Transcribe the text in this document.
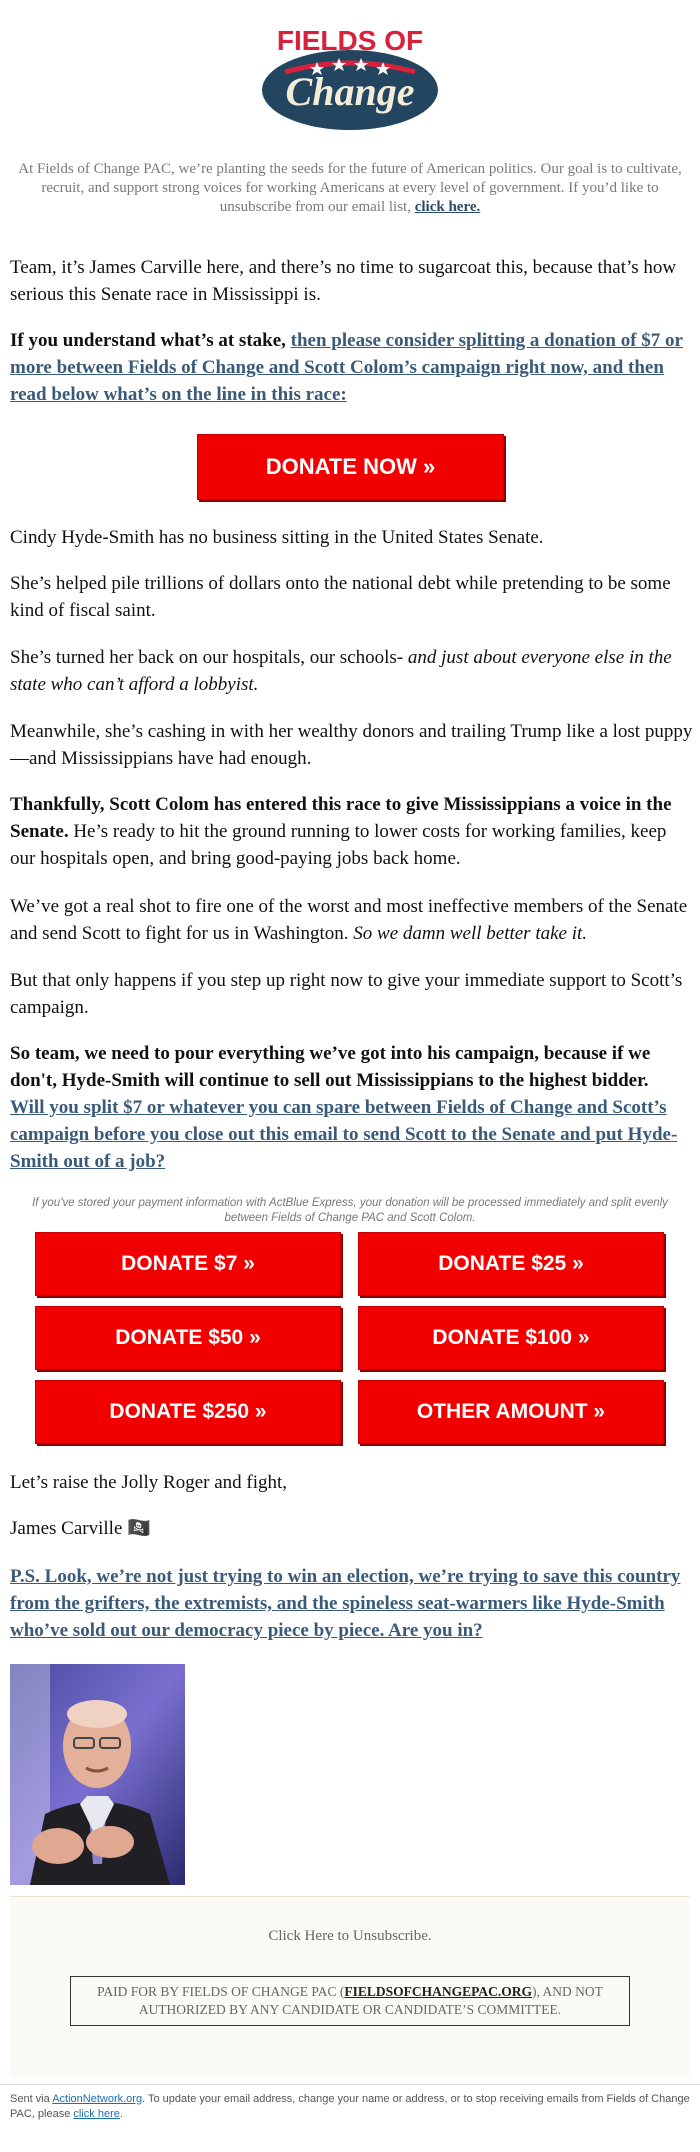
FIELDS OF
Change
At Fields of Change PAC, we’re planting the seeds for the future of American politics. Our goal is to cultivate, recruit, and support strong voices for working Americans at every level of government. If you’d like to unsubscribe from our email list, click here.

Team, it’s James Carville here, and there’s no time to sugarcoat this, because that’s how serious this Senate race in Mississippi is.

If you understand what’s at stake, then please consider splitting a donation of $7 or more between Fields of Change and Scott Colom’s campaign right now, and then read below what’s on the line in this race:

DONATE NOW »

Cindy Hyde-Smith has no business sitting in the United States Senate.

She’s helped pile trillions of dollars onto the national debt while pretending to be some kind of fiscal saint.

She’s turned her back on our hospitals, our schools- and just about everyone else in the state who can’t afford a lobbyist.

Meanwhile, she’s cashing in with her wealthy donors and trailing Trump like a lost puppy—and Mississippians have had enough.

Thankfully, Scott Colom has entered this race to give Mississippians a voice in the Senate. He’s ready to hit the ground running to lower costs for working families, keep our hospitals open, and bring good-paying jobs back home.

We’ve got a real shot to fire one of the worst and most ineffective members of the Senate and send Scott to fight for us in Washington. So we damn well better take it.

But that only happens if you step up right now to give your immediate support to Scott’s campaign.

So team, we need to pour everything we’ve got into his campaign, because if we don't, Hyde-Smith will continue to sell out Mississippians to the highest bidder.
Will you split $7 or whatever you can spare between Fields of Change and Scott’s campaign before you close out this email to send Scott to the Senate and put Hyde-Smith out of a job?

If you've stored your payment information with ActBlue Express, your donation will be processed immediately and split evenly between Fields of Change PAC and Scott Colom.
DONATE $7 »	DONATE $25 »
DONATE $50 »	DONATE $100 »
DONATE $250 »	OTHER AMOUNT »

Let’s raise the Jolly Roger and fight,

James Carville 🏴‍☠️

P.S. Look, we’re not just trying to win an election, we’re trying to save this country from the grifters, the extremists, and the spineless seat-warmers like Hyde-Smith who’ve sold out our democracy piece by piece. Are you in?

Click Here to Unsubscribe.
PAID FOR BY FIELDS OF CHANGE PAC (FIELDSOFCHANGEPAC.ORG), AND NOT AUTHORIZED BY ANY CANDIDATE OR CANDIDATE’S COMMITTEE.
Sent via ActionNetwork.org. To update your email address, change your name or address, or to stop receiving emails from Fields of Change PAC, please click here.
